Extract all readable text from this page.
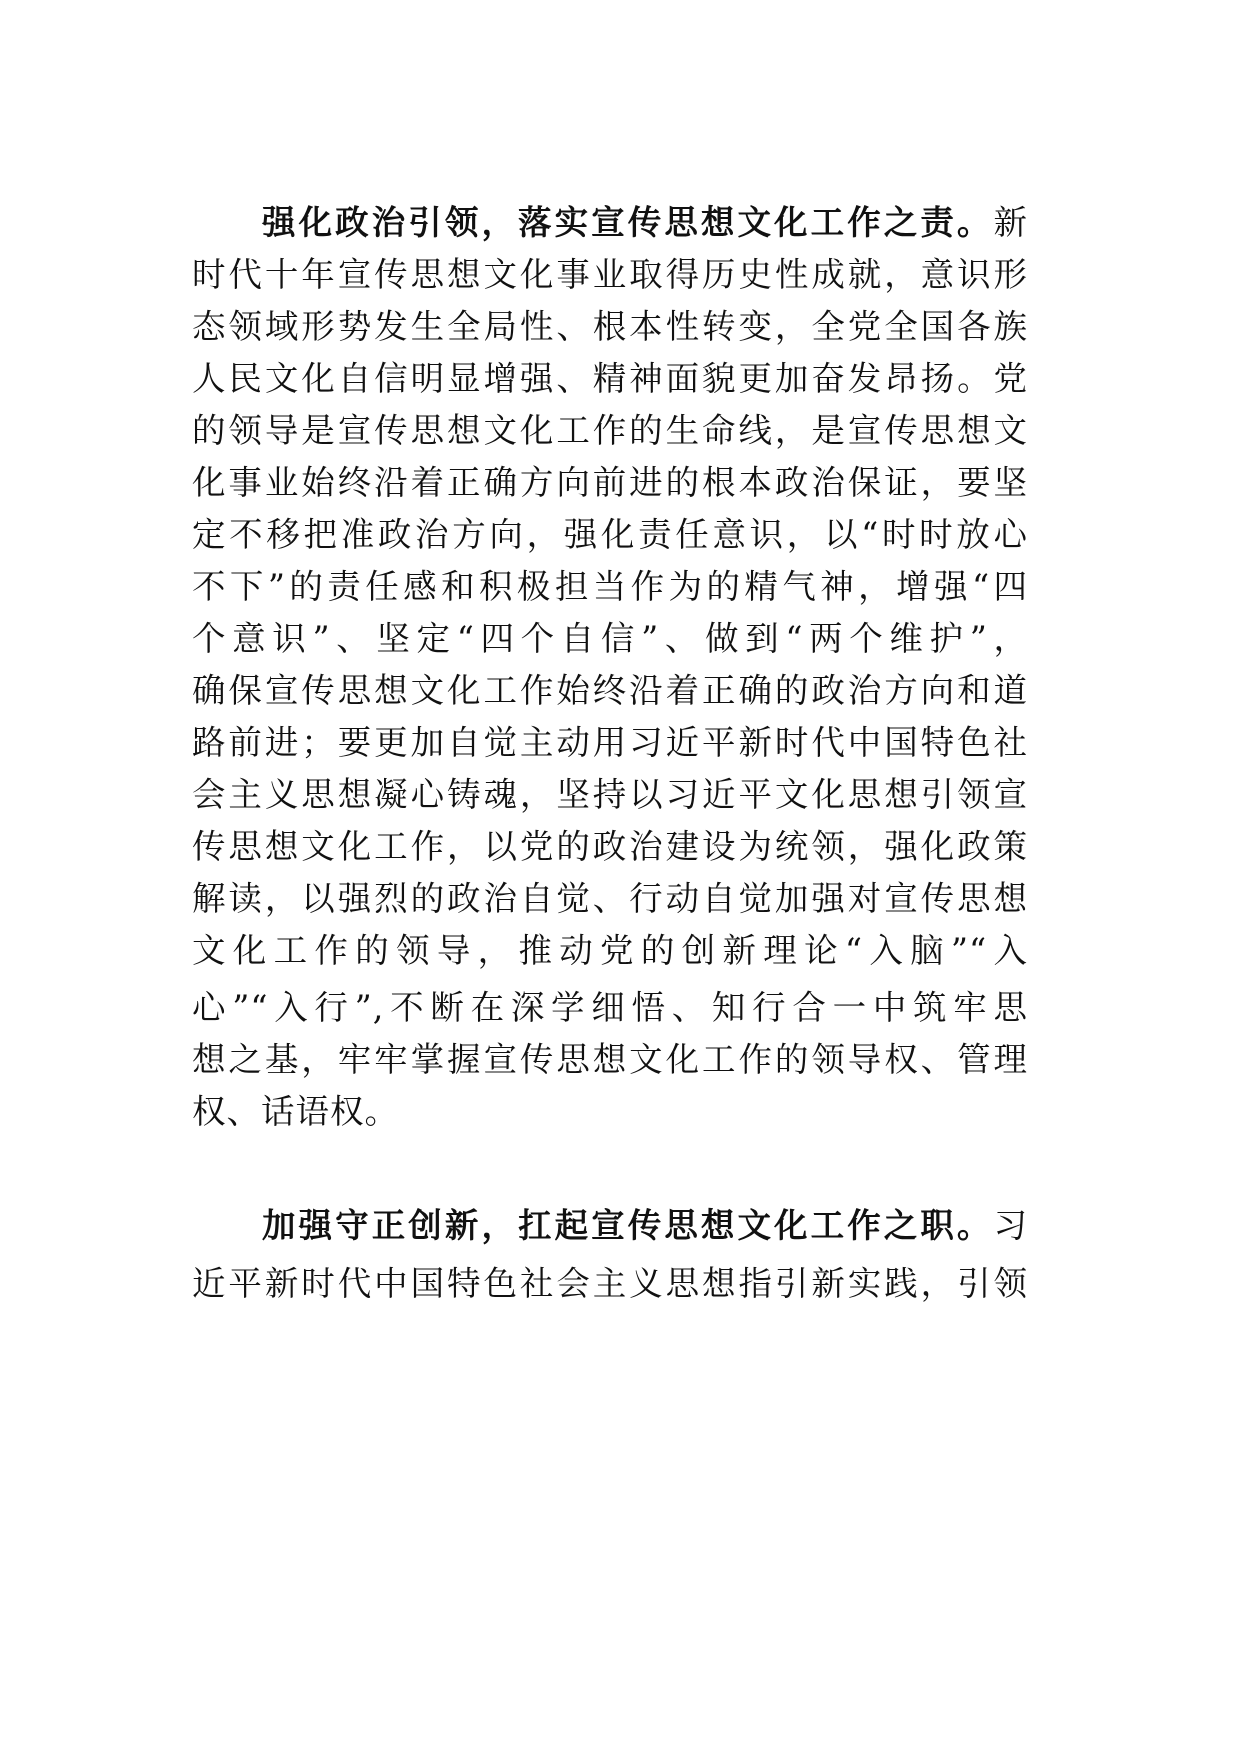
强化政治引领，落实宣传思想文化工作之责。新
时代十年宣传思想文化事业取得历史性成就，意识形
态领域形势发生全局性、根本性转变，全党全国各族
人民文化自信明显增强、精神面貌更加奋发昂扬。党
的领导是宣传思想文化工作的生命线，是宣传思想文
化事业始终沿着正确方向前进的根本政治保证，要坚
定不移把准政治方向，强化责任意识，以“时时放心
不下”的责任感和积极担当作为的精气神，增强“四
个意识”、坚定“四个自信”、做到“两个维护”，
确保宣传思想文化工作始终沿着正确的政治方向和道
路前进；要更加自觉主动用习近平新时代中国特色社
会主义思想凝心铸魂，坚持以习近平文化思想引领宣
传思想文化工作，以党的政治建设为统领，强化政策
解读，以强烈的政治自觉、行动自觉加强对宣传思想
文化工作的领导，推动党的创新理论“入脑”“入
心”“入行”,不断在深学细悟、知行合一中筑牢思
想之基，牢牢掌握宣传思想文化工作的领导权、管理
权、话语权。
加强守正创新，扛起宣传思想文化工作之职。习
近平新时代中国特色社会主义思想指引新实践，引领
